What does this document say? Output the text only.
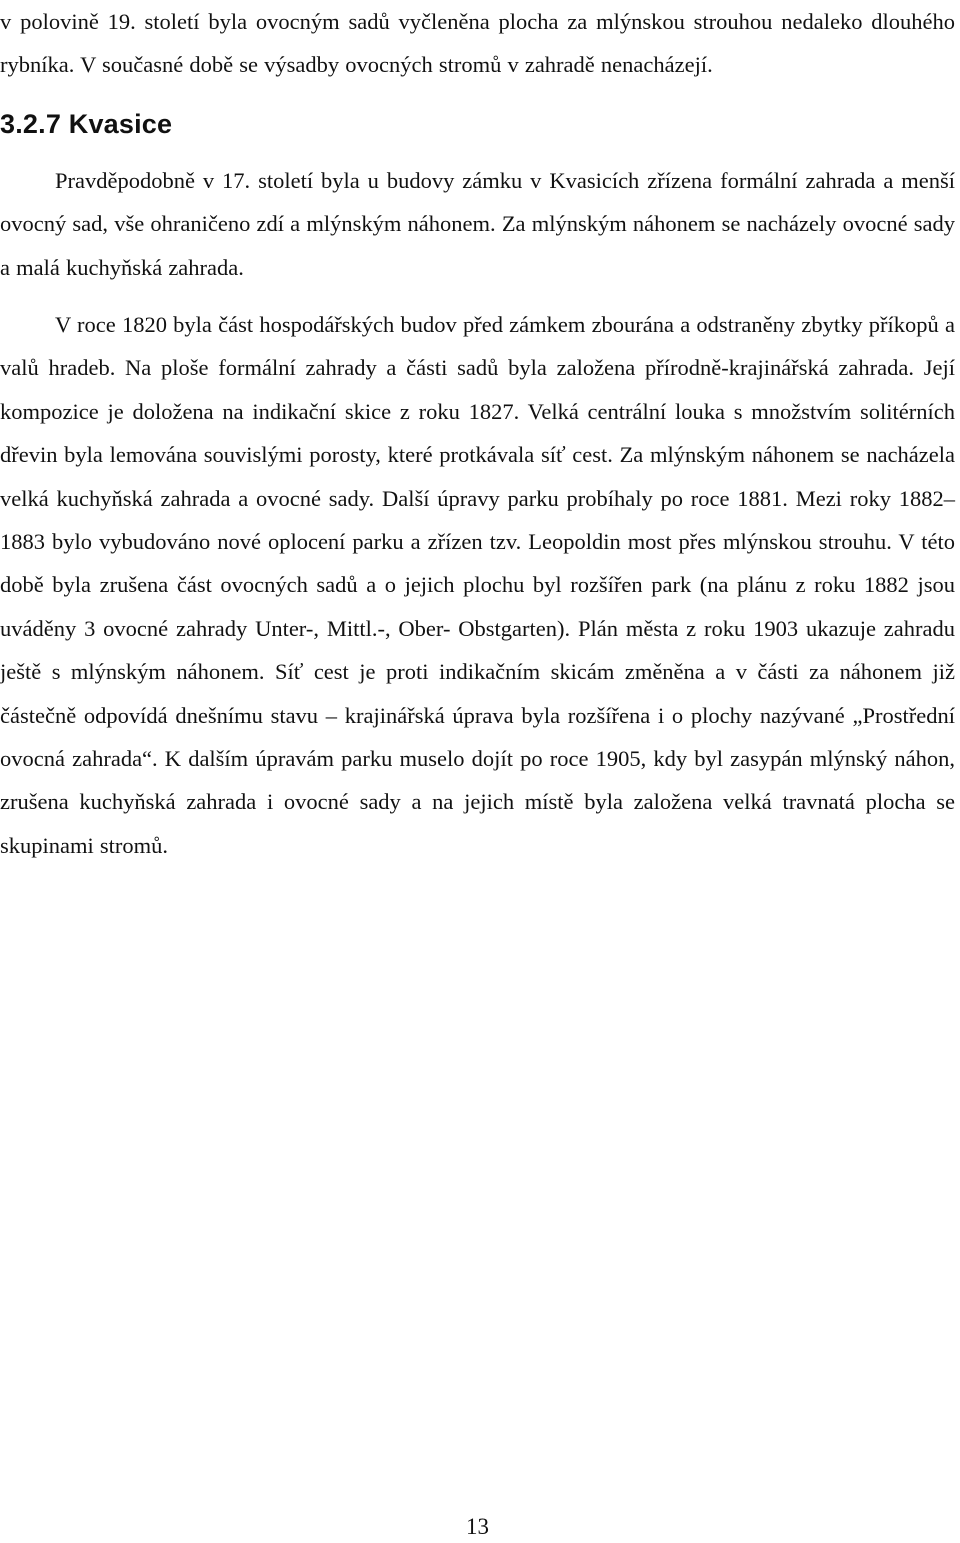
v polovině 19. století byla ovocným sadů vyčleněna plocha za mlýnskou strouhou nedaleko dlouhého rybníka. V současné době se výsadby ovocných stromů v zahradě nenacházejí.

3.2.7 Kvasice

Pravděpodobně v 17. století byla u budovy zámku v Kvasicích zřízena formální zahrada a menší ovocný sad, vše ohraničeno zdí a mlýnským náhonem. Za mlýnským náhonem se nacházely ovocné sady a malá kuchyňská zahrada.

V roce 1820 byla část hospodářských budov před zámkem zbourána a odstraněny zbytky příkopů a valů hradeb. Na ploše formální zahrady a části sadů byla založena přírodně-krajinářská zahrada. Její kompozice je doložena na indikační skice z roku 1827. Velká centrální louka s množstvím solitérních dřevin byla lemována souvislými porosty, které protkávala síť cest. Za mlýnským náhonem se nacházela velká kuchyňská zahrada a ovocné sady. Další úpravy parku probíhaly po roce 1881. Mezi roky 1882–1883 bylo vybudováno nové oplocení parku a zřízen tzv. Leopoldin most přes mlýnskou strouhu. V této době byla zrušena část ovocných sadů a o jejich plochu byl rozšířen park (na plánu z roku 1882 jsou uváděny 3 ovocné zahrady Unter-, Mittl.-, Ober- Obstgarten). Plán města z roku 1903 ukazuje zahradu ještě s mlýnským náhonem. Síť cest je proti indikačním skicám změněna a v části za náhonem již částečně odpovídá dnešnímu stavu – krajinářská úprava byla rozšířena i o plochy nazývané „Prostřední ovocná zahrada“. K dalším úpravám parku muselo dojít po roce 1905, kdy byl zasypán mlýnský náhon, zrušena kuchyňská zahrada i ovocné sady a na jejich místě byla založena velká travnatá plocha se skupinami stromů.

13
